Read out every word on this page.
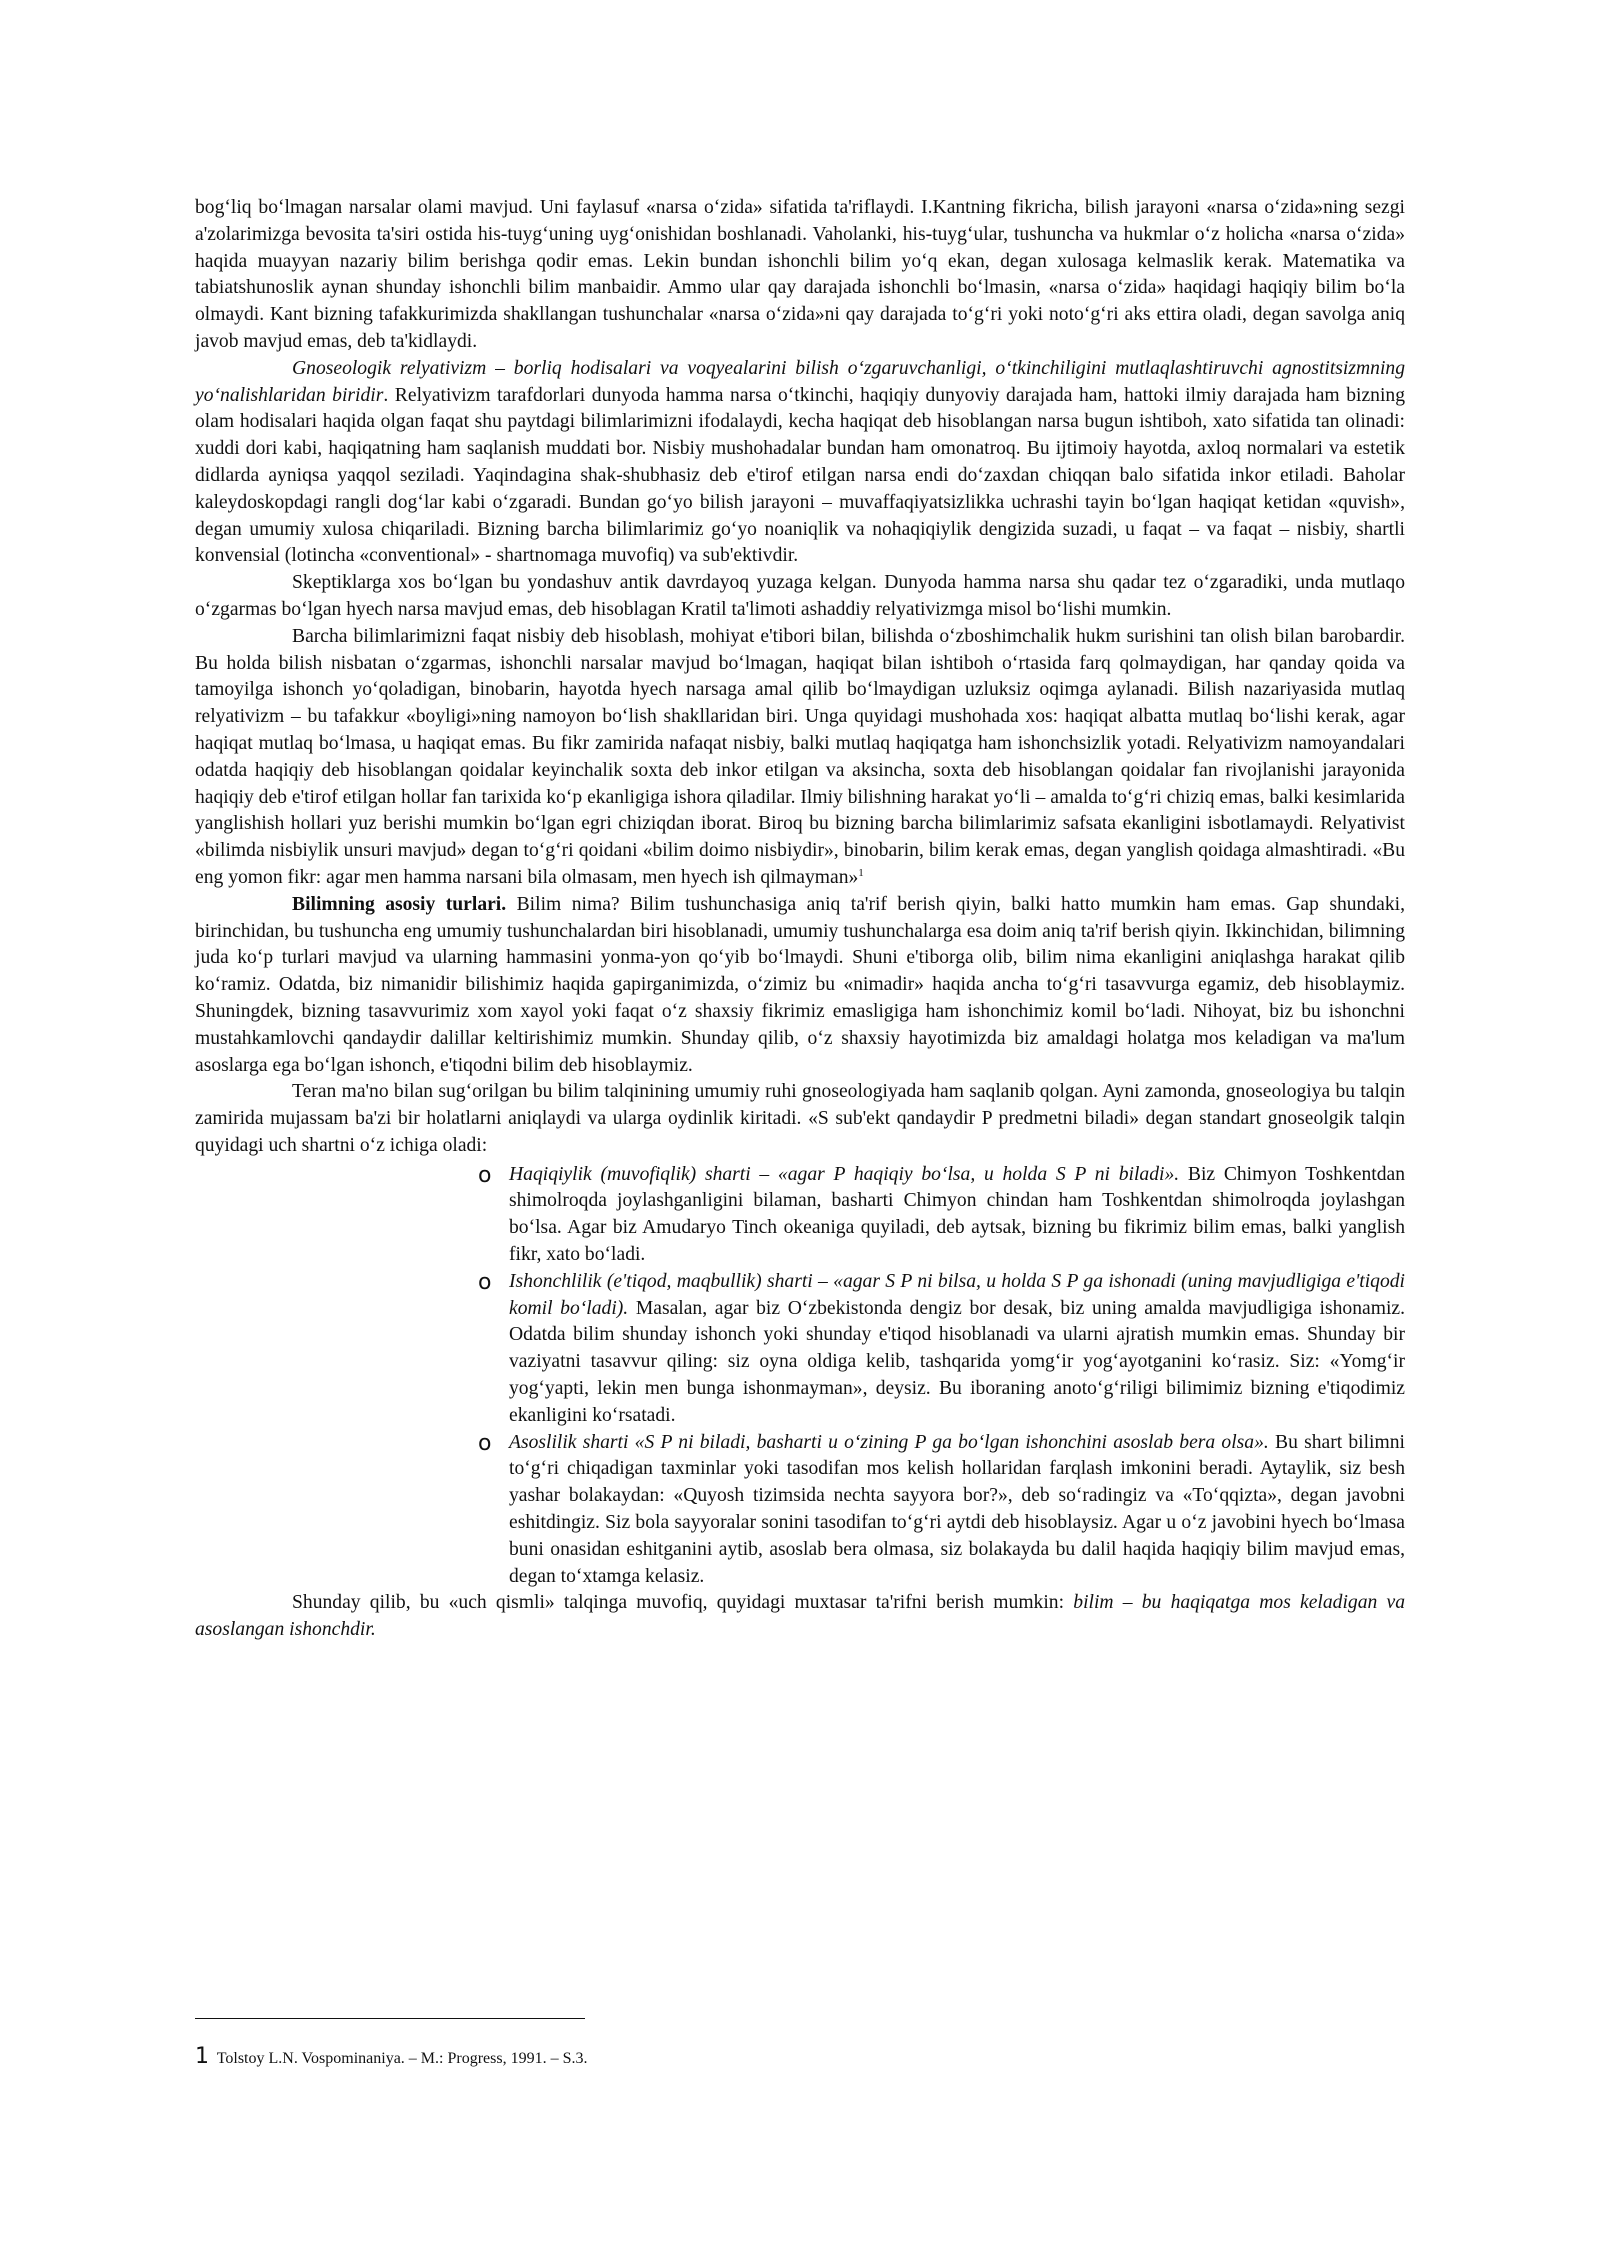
bog‘liq bo‘lmagan narsalar olami mavjud. Uni faylasuf «narsa o‘zida» sifatida ta'riflaydi. I.Kantning fikricha, bilish jarayoni «narsa o‘zida»ning sezgi a'zolarimizga bevosita ta'siri ostida his-tuyg‘uning uyg‘onishidan boshlanadi. Vaholanki, his-tuyg‘ular, tushuncha va hukmlar o‘z holicha «narsa o‘zida» haqida muayyan nazariy bilim berishga qodir emas. Lekin bundan ishonchli bilim yo‘q ekan, degan xulosaga kelmaslik kerak. Matematika va tabiatshunoslik aynan shunday ishonchli bilim manbaidir. Ammo ular qay darajada ishonchli bo‘lmasin, «narsa o‘zida» haqidagi haqiqiy bilim bo‘la olmaydi. Kant bizning tafakkurimizda shakllangan tushunchalar «narsa o‘zida»ni qay darajada to‘g‘ri yoki noto‘g‘ri aks ettira oladi, degan savolga aniq javob mavjud emas, deb ta'kidlaydi.

Gnoseologik relyativizm – borliq hodisalari va voqyealarini bilish o‘zgaruvchanligi, o‘tkinchiligini mutlaqlashtiruvchi agnostitsizmning yo‘nalishlaridan biridir. Relyativizm tarafdorlari dunyoda hamma narsa o‘tkinchi, haqiqiy dunyoviy darajada ham, hattoki ilmiy darajada ham bizning olam hodisalari haqida olgan faqat shu paytdagi bilimlarimizni ifodalaydi, kecha haqiqat deb hisoblangan narsa bugun ishtiboh, xato sifatida tan olinadi: xuddi dori kabi, haqiqatning ham saqlanish muddati bor. Nisbiy mushohadalar bundan ham omonatroq. Bu ijtimoiy hayotda, axloq normalari va estetik didlarda ayniqsa yaqqol seziladi. Yaqindagina shak-shubhasiz deb e'tirof etilgan narsa endi do‘zaxdan chiqqan balo sifatida inkor etiladi. Baholar kaleydoskopdagi rangli dog‘lar kabi o‘zgaradi. Bundan go‘yo bilish jarayoni – muvaffaqiyatsizlikka uchrashi tayin bo‘lgan haqiqat ketidan «quvish», degan umumiy xulosa chiqariladi. Bizning barcha bilimlarimiz go‘yo noaniqlik va nohaqiqiylik dengizida suzadi, u faqat – va faqat – nisbiy, shartli konvensial (lotincha «conventional» - shartnomaga muvofiq) va sub'ektivdir.

Skeptiklarga xos bo‘lgan bu yondashuv antik davrdayoq yuzaga kelgan. Dunyoda hamma narsa shu qadar tez o‘zgaradiki, unda mutlaqo o‘zgarmas bo‘lgan hyech narsa mavjud emas, deb hisoblagan Kratil ta'limoti ashaddiy relyativizmga misol bo‘lishi mumkin.

Barcha bilimlarimizni faqat nisbiy deb hisoblash, mohiyat e'tibori bilan, bilishda o‘zboshimchalik hukm surishini tan olish bilan barobardir. Bu holda bilish nisbatan o‘zgarmas, ishonchli narsalar mavjud bo‘lmagan, haqiqat bilan ishtiboh o‘rtasida farq qolmaydigan, har qanday qoida va tamoyilga ishonch yo‘qoladigan, binobarin, hayotda hyech narsaga amal qilib bo‘lmaydigan uzluksiz oqimga aylanadi. Bilish nazariyasida mutlaq relyativizm – bu tafakkur «boyligi»ning namoyon bo‘lish shakllaridan biri. Unga quyidagi mushohada xos: haqiqat albatta mutlaq bo‘lishi kerak, agar haqiqat mutlaq bo‘lmasa, u haqiqat emas. Bu fikr zamirida nafaqat nisbiy, balki mutlaq haqiqatga ham ishonchsizlik yotadi. Relyativizm namoyandalari odatda haqiqiy deb hisoblangan qoidalar keyinchalik soxta deb inkor etilgan va aksincha, soxta deb hisoblangan qoidalar fan rivojlanishi jarayonida haqiqiy deb e'tirof etilgan hollar fan tarixida ko‘p ekanligiga ishora qiladilar. Ilmiy bilishning harakat yo‘li – amalda to‘g‘ri chiziq emas, balki kesimlarida yanglishish hollari yuz berishi mumkin bo‘lgan egri chiziqdan iborat. Biroq bu bizning barcha bilimlarimiz safsata ekanligini isbotlamaydi. Relyativist «bilimda nisbiylik unsuri mavjud» degan to‘g‘ri qoidani «bilim doimo nisbiydir», binobarin, bilim kerak emas, degan yanglish qoidaga almashtiradi. «Bu eng yomon fikr: agar men hamma narsani bila olmasam, men hyech ish qilmayman»$^1$

Bilimning asosiy turlari. Bilim nima? Bilim tushunchasiga aniq ta'rif berish qiyin, balki hatto mumkin ham emas. Gap shundaki, birinchidan, bu tushuncha eng umumiy tushunchalardan biri hisoblanadi, umumiy tushunchalarga esa doim aniq ta'rif berish qiyin. Ikkinchidan, bilimning juda ko‘p turlari mavjud va ularning hammasini yonma-yon qo‘yib bo‘lmaydi. Shuni e'tiborga olib, bilim nima ekanligini aniqlashga harakat qilib ko‘ramiz. Odatda, biz nimanidir bilishimiz haqida gapirganimizda, o‘zimiz bu «nimadir» haqida ancha to‘g‘ri tasavvurga egamiz, deb hisoblaymiz. Shuningdek, bizning tasavvurimiz xom xayol yoki faqat o‘z shaxsiy fikrimiz emasligiga ham ishonchimiz komil bo‘ladi. Nihoyat, biz bu ishonchni mustahkamlovchi qandaydir dalillar keltirishimiz mumkin. Shunday qilib, o‘z shaxsiy hayotimizda biz amaldagi holatga mos keladigan va ma'lum asoslarga ega bo‘lgan ishonch, e'tiqodni bilim deb hisoblaymiz.

Teran ma'no bilan sug‘orilgan bu bilim talqinining umumiy ruhi gnoseologiyada ham saqlanib qolgan. Ayni zamonda, gnoseologiya bu talqin zamirida mujassam ba'zi bir holatlarni aniqlaydi va ularga oydinlik kiritadi. «S sub'ekt qandaydir P predmetni biladi» degan standart gnoseolgik talqin quyidagi uch shartni o‘z ichiga oladi:

o Haqiqiylik (muvofiqlik) sharti – «agar P haqiqiy bo‘lsa, u holda S P ni biladi». Biz Chimyon Toshkentdan shimolroqda joylashganligini bilaman, basharti Chimyon chindan ham Toshkentdan shimolroqda joylashgan bo‘lsa. Agar biz Amudaryo Tinch okeaniga quyiladi, deb aytsak, bizning bu fikrimiz bilim emas, balki yanglish fikr, xato bo‘ladi.
o Ishonchlilik (e'tiqod, maqbullik) sharti – «agar S P ni bilsa, u holda S P ga ishonadi (uning mavjudligiga e'tiqodi komil bo‘ladi). Masalan, agar biz O‘zbekistonda dengiz bor desak, biz uning amalda mavjudligiga ishonamiz. Odatda bilim shunday ishonch yoki shunday e'tiqod hisoblanadi va ularni ajratish mumkin emas. Shunday bir vaziyatni tasavvur qiling: siz oyna oldiga kelib, tashqarida yomg‘ir yog‘ayotganini ko‘rasiz. Siz: «Yomg‘ir yog‘yapti, lekin men bunga ishonmayman», deysiz. Bu iboraning anoto‘g‘riligi bilimimiz bizning e'tiqodimiz ekanligini ko‘rsatadi.
o Asoslilik sharti «S P ni biladi, basharti u o‘zining P ga bo‘lgan ishonchini asoslab bera olsa». Bu shart bilimni to‘g‘ri chiqadigan taxminlar yoki tasodifan mos kelish hollaridan farqlash imkonini beradi. Aytaylik, siz besh yashar bolakaydan: «Quyosh tizimsida nechta sayyora bor?», deb so‘radingiz va «To‘qqizta», degan javobni eshitdingiz. Siz bola sayyoralar sonini tasodifan to‘g‘ri aytdi deb hisoblaysiz. Agar u o‘z javobini hyech bo‘lmasa buni onasidan eshitganini aytib, asoslab bera olmasa, siz bolakayda bu dalil haqida haqiqiy bilim mavjud emas, degan to‘xtamga kelasiz.

Shunday qilib, bu «uch qismli» talqinga muvofiq, quyidagi muxtasar ta'rifni berish mumkin: bilim – bu haqiqatga mos keladigan va asoslangan ishonchdir.

1 Tolstoy L.N. Vospominaniya. – M.: Progress, 1991. – S.3.
